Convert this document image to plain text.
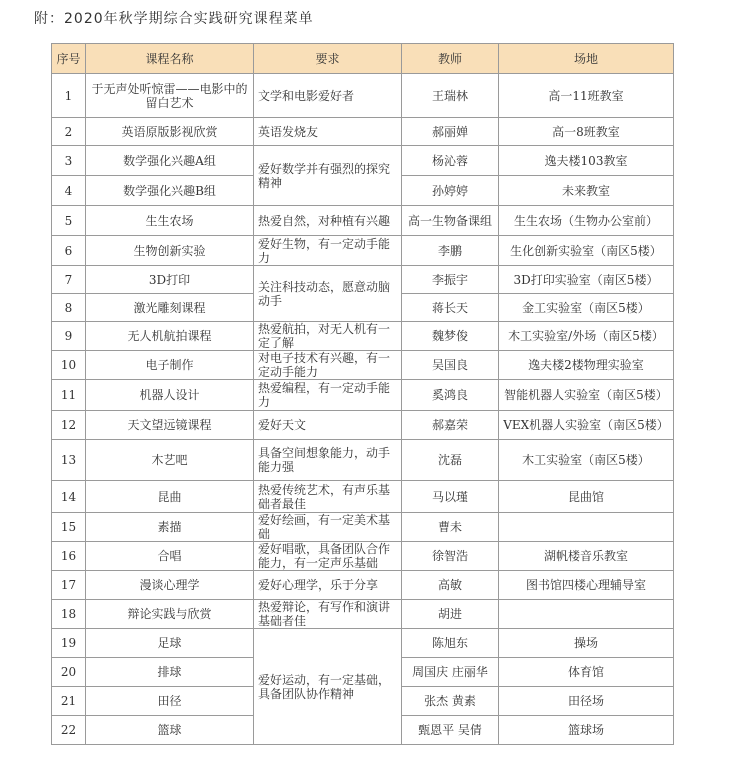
附：2020年秋学期综合实践研究课程菜单
序号	课程名称	要求	教师	场地
1	于无声处听惊雷——电影中的留白艺术	文学和电影爱好者	王瑞林	高一11班教室
2	英语原版影视欣赏	英语发烧友	郝丽婵	高一8班教室
3	数学强化兴趣A组	爱好数学并有强烈的探究精神	杨沁蓉	逸夫楼103教室
4	数学强化兴趣B组		孙婷婷	未来教室
5	生生农场	热爱自然，对种植有兴趣	高一生物备课组	生生农场（生物办公室前）
6	生物创新实验	爱好生物，有一定动手能力	李鹏	生化创新实验室（南区5楼）
7	3D打印	关注科技动态，愿意动脑动手	李振宇	3D打印实验室（南区5楼）
8	激光雕刻课程		蒋长天	金工实验室（南区5楼）
9	无人机航拍课程	热爱航拍，对无人机有一定了解	魏梦俊	木工实验室/外场（南区5楼）
10	电子制作	对电子技术有兴趣，有一定动手能力	吴国良	逸夫楼2楼物理实验室
11	机器人设计	热爱编程，有一定动手能力	奚鸿良	智能机器人实验室（南区5楼）
12	天文望远镜课程	爱好天文	郝嘉荣	VEX机器人实验室（南区5楼）
13	木艺吧	具备空间想象能力，动手能力强	沈磊	木工实验室（南区5楼）
14	昆曲	热爱传统艺术，有声乐基础者最佳	马以瑾	昆曲馆
15	素描	爱好绘画，有一定美术基础	曹未	
16	合唱	爱好唱歌，具备团队合作能力，有一定声乐基础	徐智浩	湖帆楼音乐教室
17	漫谈心理学	爱好心理学，乐于分享	高敏	图书馆四楼心理辅导室
18	辩论实践与欣赏	热爱辩论，有写作和演讲基础者佳	胡进	
19	足球	爱好运动，有一定基础，具备团队协作精神	陈旭东	操场
20	排球		周国庆 庄丽华	体育馆
21	田径		张杰 黄素	田径场
22	篮球		甄恩平 吴倩	篮球场
